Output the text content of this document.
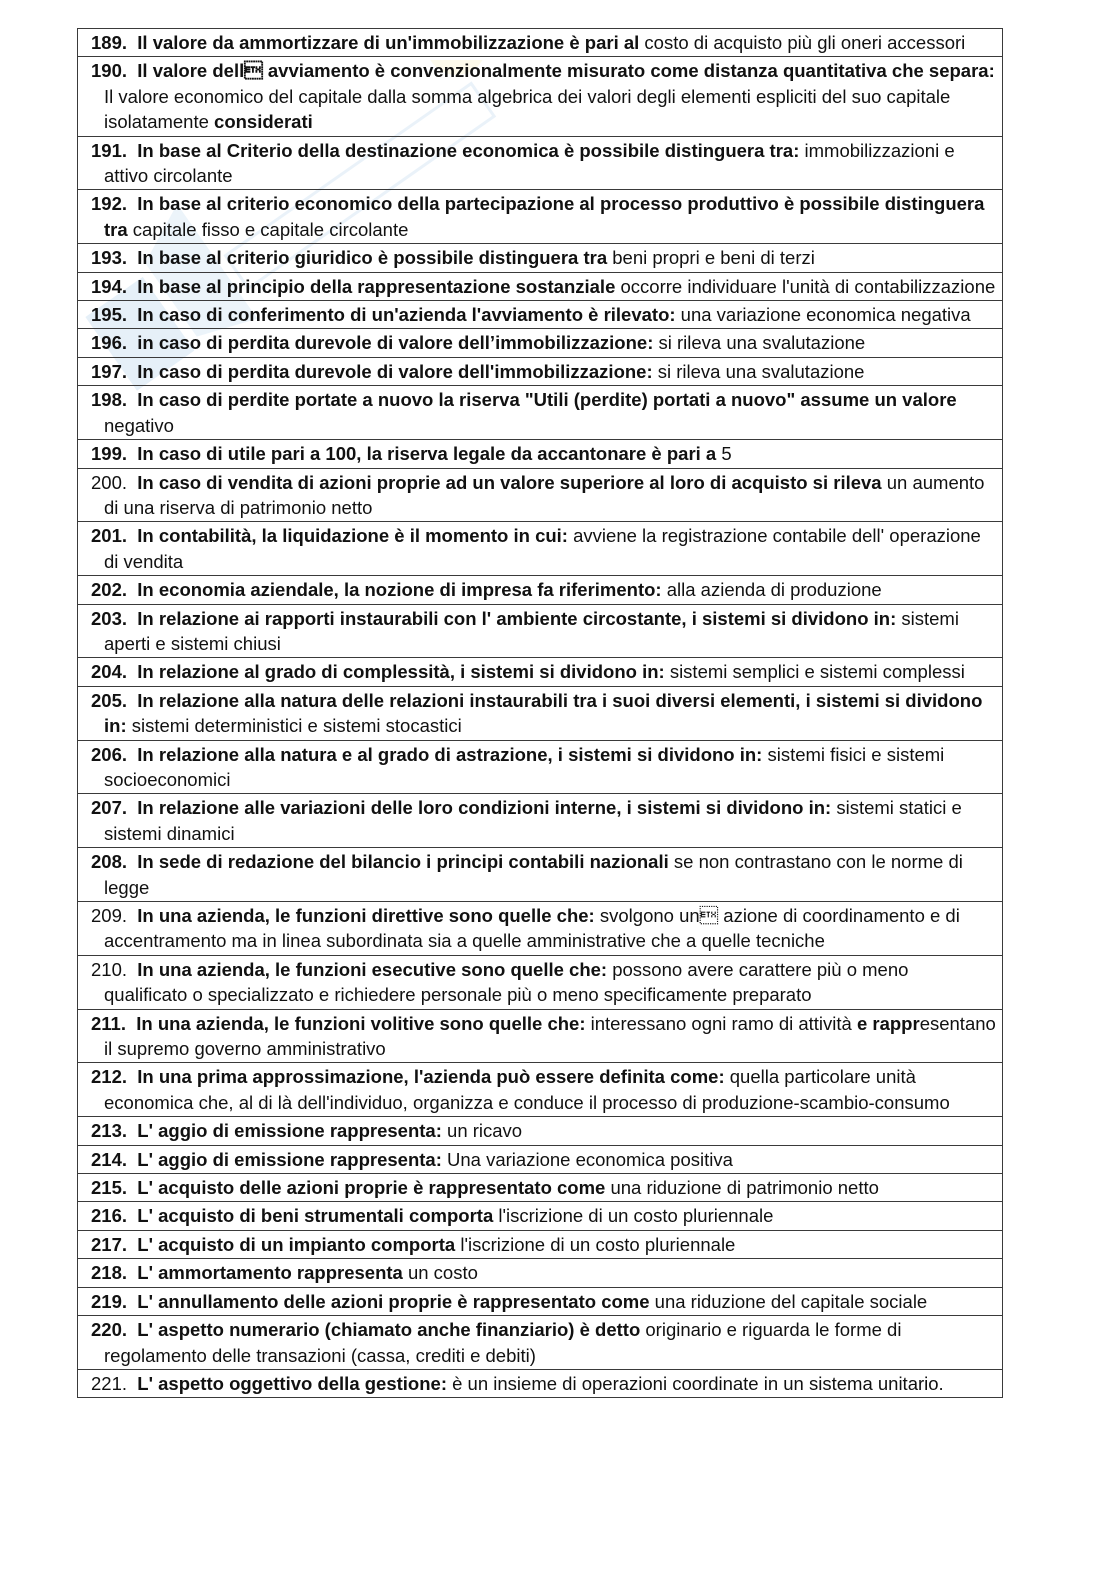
189. Il valore da ammortizzare di un'immobilizzazione è pari al costo di acquisto più gli oneri accessori
190. Il valore dell avviamento è convenzionalmente misurato come distanza quantitativa che separa: Il valore economico del capitale dalla somma algebrica dei valori degli elementi espliciti del suo capitale isolatamente considerati
191. In base al Criterio della destinazione economica è possibile distinguera tra: immobilizzazioni e attivo circolante
192. In base al criterio economico della partecipazione al processo produttivo è possibile distinguera tra capitale fisso e capitale circolante
193. In base al criterio giuridico è possibile distinguera tra beni propri e beni di terzi
194. In base al principio della rappresentazione sostanziale occorre individuare l'unità di contabilizzazione
195. In caso di conferimento di un'azienda l'avviamento è rilevato: una variazione economica negativa
196. in caso di perdita durevole di valore dell’immobilizzazione: si rileva una svalutazione
197. In caso di perdita durevole di valore dell'immobilizzazione: si rileva una svalutazione
198. In caso di perdite portate a nuovo la riserva "Utili (perdite) portati a nuovo" assume un valore negativo
199. In caso di utile pari a 100, la riserva legale da accantonare è pari a 5
200. In caso di vendita di azioni proprie ad un valore superiore al loro di acquisto si rileva un aumento di una riserva di patrimonio netto
201. In contabilità, la liquidazione è il momento in cui: avviene la registrazione contabile dell' operazione di vendita
202. In economia aziendale, la nozione di impresa fa riferimento: alla azienda di produzione
203. In relazione ai rapporti instaurabili con l' ambiente circostante, i sistemi si dividono in: sistemi aperti e sistemi chiusi
204. In relazione al grado di complessità, i sistemi si dividono in: sistemi semplici e sistemi complessi
205. In relazione alla natura delle relazioni instaurabili tra i suoi diversi elementi, i sistemi si dividono in: sistemi deterministici e sistemi stocastici
206. In relazione alla natura e al grado di astrazione, i sistemi si dividono in: sistemi fisici e sistemi socioeconomici
207. In relazione alle variazioni delle loro condizioni interne, i sistemi si dividono in: sistemi statici e sistemi dinamici
208. In sede di redazione del bilancio i principi contabili nazionali se non contrastano con le norme di legge
209. In una azienda, le funzioni direttive sono quelle che: svolgono un azione di coordinamento e di accentramento ma in linea subordinata sia a quelle amministrative che a quelle tecniche
210. In una azienda, le funzioni esecutive sono quelle che: possono avere carattere più o meno qualificato o specializzato e richiedere personale più o meno specificamente preparato
211. In una azienda, le funzioni volitive sono quelle che: interessano ogni ramo di attività e rappresentano il supremo governo amministrativo
212. In una prima approssimazione, l'azienda può essere definita come: quella particolare unità economica che, al di là dell'individuo, organizza e conduce il processo di produzione-scambio-consumo
213. L' aggio di emissione rappresenta: un ricavo
214. L' aggio di emissione rappresenta: Una variazione economica positiva
215. L' acquisto delle azioni proprie è rappresentato come una riduzione di patrimonio netto
216. L' acquisto di beni strumentali comporta l'iscrizione di un costo pluriennale
217. L' acquisto di un impianto comporta l'iscrizione di un costo pluriennale
218. L' ammortamento rappresenta un costo
219. L' annullamento delle azioni proprie è rappresentato come una riduzione del capitale sociale
220. L' aspetto numerario (chiamato anche finanziario) è detto originario e riguarda le forme di regolamento delle transazioni (cassa, crediti e debiti)
221. L' aspetto oggettivo della gestione: è un insieme di operazioni coordinate in un sistema unitario.
